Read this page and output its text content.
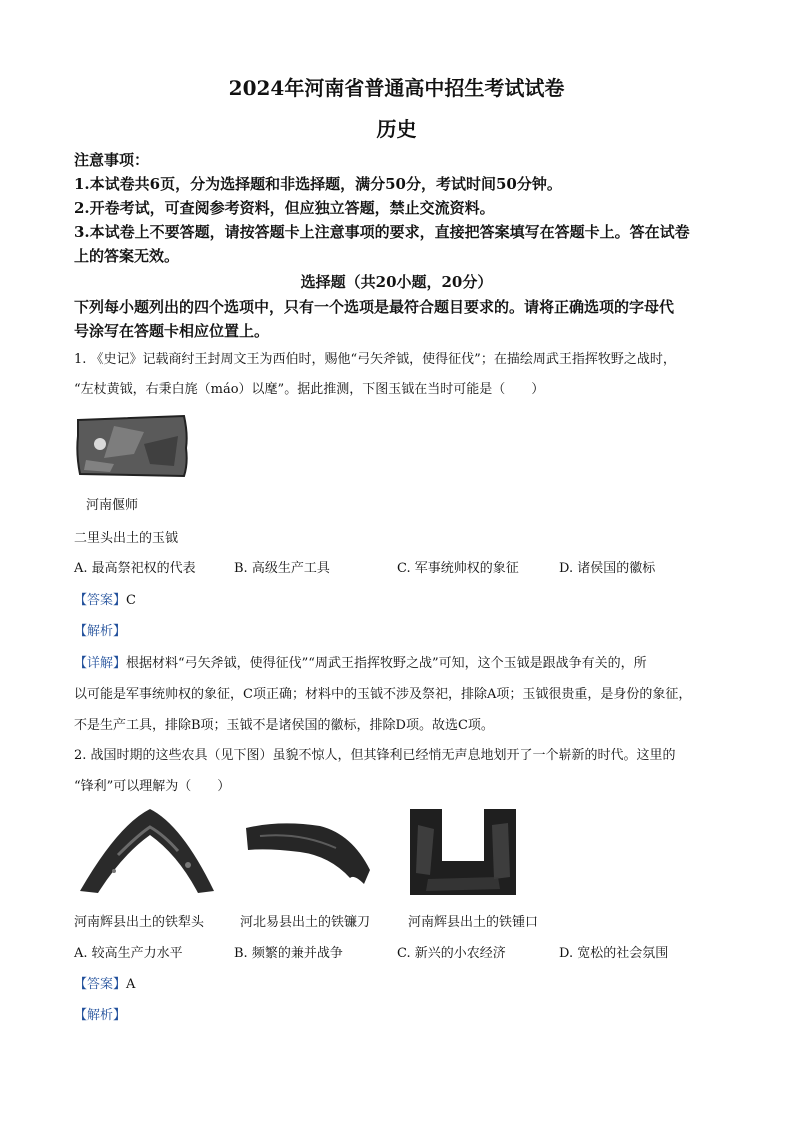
2024年河南省普通高中招生考试试卷
历史
注意事项：
1.本试卷共6页，分为选择题和非选择题，满分50分，考试时间50分钟。
2.开卷考试，可查阅参考资料，但应独立答题，禁止交流资料。
3.本试卷上不要答题，请按答题卡上注意事项的要求，直接把答案填写在答题卡上。答在试卷
上的答案无效。
选择题（共20小题，20分）
下列每小题列出的四个选项中，只有一个选项是最符合题目要求的。请将正确选项的字母代
号涂写在答题卡相应位置上。
1. 《史记》记载商纣王封周文王为西伯时，赐他“弓矢斧钺，使得征伐”；在描绘周武王指挥牧野之战时，
“左杖黄钺，右秉白旄（máo）以麾”。据此推测，下图玉钺在当时可能是（　　）
河南偃师
二里头出土的玉钺
A. 最高祭祀权的代表	B. 高级生产工具	C. 军事统帅权的象征	D. 诸侯国的徽标
【答案】C
【解析】
【详解】根据材料“弓矢斧钺，使得征伐”“周武王指挥牧野之战”可知，这个玉钺是跟战争有关的，所
以可能是军事统帅权的象征，C项正确；材料中的玉钺不涉及祭祀，排除A项；玉钺很贵重，是身份的象征，
不是生产工具，排除B项；玉钺不是诸侯国的徽标，排除D项。故选C项。
2. 战国时期的这些农具（见下图）虽貌不惊人，但其锋利已经悄无声息地划开了一个崭新的时代。这里的
“锋利”可以理解为（　　）
河南辉县出土的铁犁头	河北易县出土的铁镰刀	河南辉县出土的铁锺口
A. 较高生产力水平	B. 频繁的兼并战争	C. 新兴的小农经济	D. 宽松的社会氛围
【答案】A
【解析】
